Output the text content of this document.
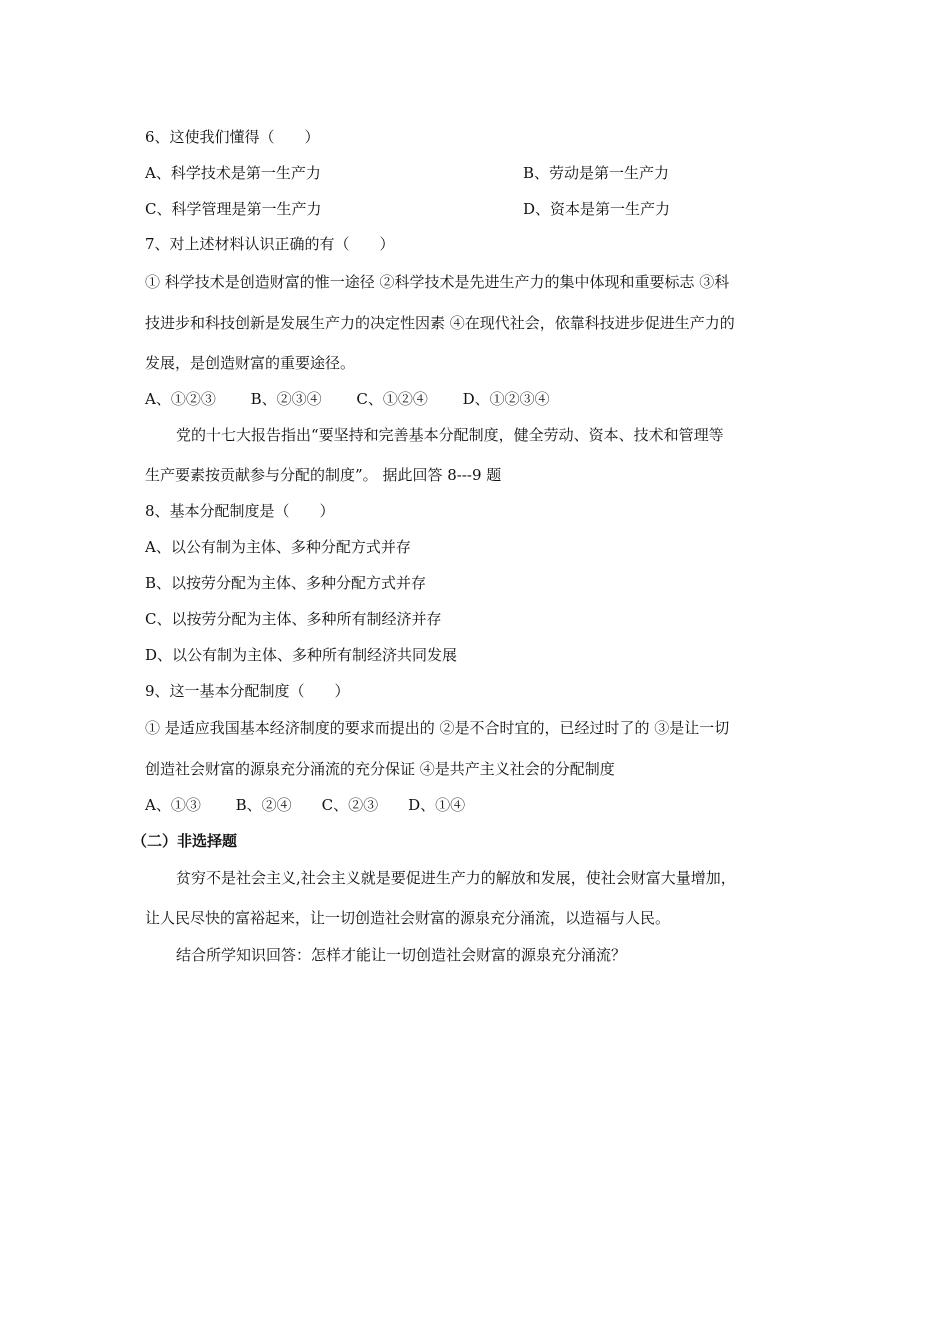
6、这使我们懂得（　　）
A、科学技术是第一生产力	B、劳动是第一生产力
C、科学管理是第一生产力	D、资本是第一生产力
7、对上述材料认识正确的有（　　）
① 科学技术是创造财富的惟一途径 ②科学技术是先进生产力的集中体现和重要标志 ③科
技进步和科技创新是发展生产力的决定性因素 ④在现代社会，依靠科技进步促进生产力的
发展，是创造财富的重要途径。
A、①②③　　 B、②③④　　 C、①②④　　 D、①②③④
党的十七大报告指出“要坚持和完善基本分配制度，健全劳动、资本、技术和管理等
生产要素按贡献参与分配的制度”。 据此回答 8---9 题
8、基本分配制度是（　　）
A、以公有制为主体、多种分配方式并存
B、以按劳分配为主体、多种分配方式并存
C、以按劳分配为主体、多种所有制经济并存
D、以公有制为主体、多种所有制经济共同发展
9、这一基本分配制度（　　）
① 是适应我国基本经济制度的要求而提出的 ②是不合时宜的，已经过时了的 ③是让一切
创造社会财富的源泉充分涌流的充分保证 ④是共产主义社会的分配制度
A、①③　　 B、②④　　C、②③　　D、①④
（二）非选择题
贫穷不是社会主义,社会主义就是要促进生产力的解放和发展，使社会财富大量增加，
让人民尽快的富裕起来，让一切创造社会财富的源泉充分涌流，以造福与人民。
结合所学知识回答：怎样才能让一切创造社会财富的源泉充分涌流？
